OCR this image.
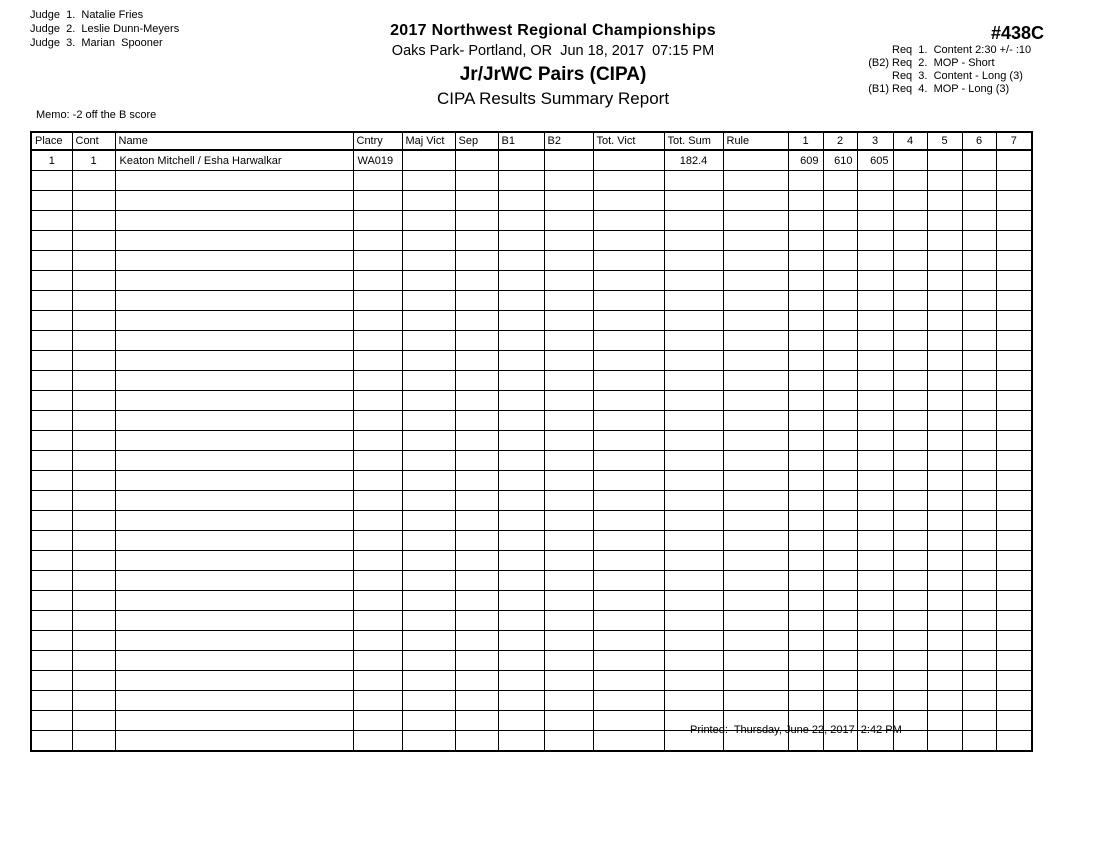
Judge  1.  Natalie Fries
Judge  2.  Leslie Dunn-Meyers
Judge  3.  Marian  Spooner
2017 Northwest Regional Championships
Oaks Park- Portland, OR  Jun 18, 2017  07:15 PM
Jr/JrWC Pairs (CIPA)
CIPA Results Summary Report
#438C
Req  1.  Content 2:30 +/- :10
(B2) Req  2.  MOP - Short
Req  3.  Content - Long (3)
(B1) Req  4.  MOP - Long (3)
Memo: -2 off the B score
Place	Cont	Name	Cntry	Maj Vict	Sep	B1	B2	Tot. Vict	Tot. Sum	Rule	1	2	3	4	5	6	7
1	1	Keaton Mitchell / Esha Harwalkar	WA019						182.4		609	610	605				

Printed:  Thursday, June 22, 2017  2:42 PM
